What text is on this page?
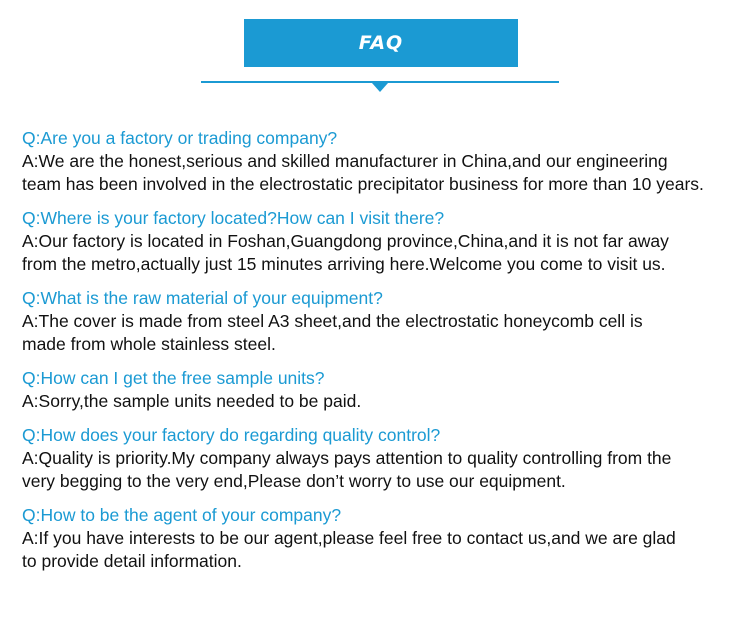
FAQ

Q:Are you a factory or trading company?

A:We are the honest,serious and skilled manufacturer in China,and our engineering
team has been involved in the electrostatic precipitator business for more than 10 years.

Q:Where is your factory located?How can I visit there?

A:Our factory is located in Foshan,Guangdong province,China,and it is not far away
from the metro,actually just 15 minutes arriving here.Welcome you come to visit us.

Q:What is the raw material of your equipment?

A:The cover is made from steel A3 sheet,and the electrostatic honeycomb cell is
made from whole stainless steel.

Q:How can I get the free sample units?

A:Sorry,the sample units needed to be paid.

Q:How does your factory do regarding quality control?

A:Quality is priority.My company always pays attention to quality controlling from the
very begging to the very end,Please don’t worry to use our equipment.

Q:How to be the agent of your company?

A:If you have interests to be our agent,please feel free to contact us,and we are glad
to provide detail information.
